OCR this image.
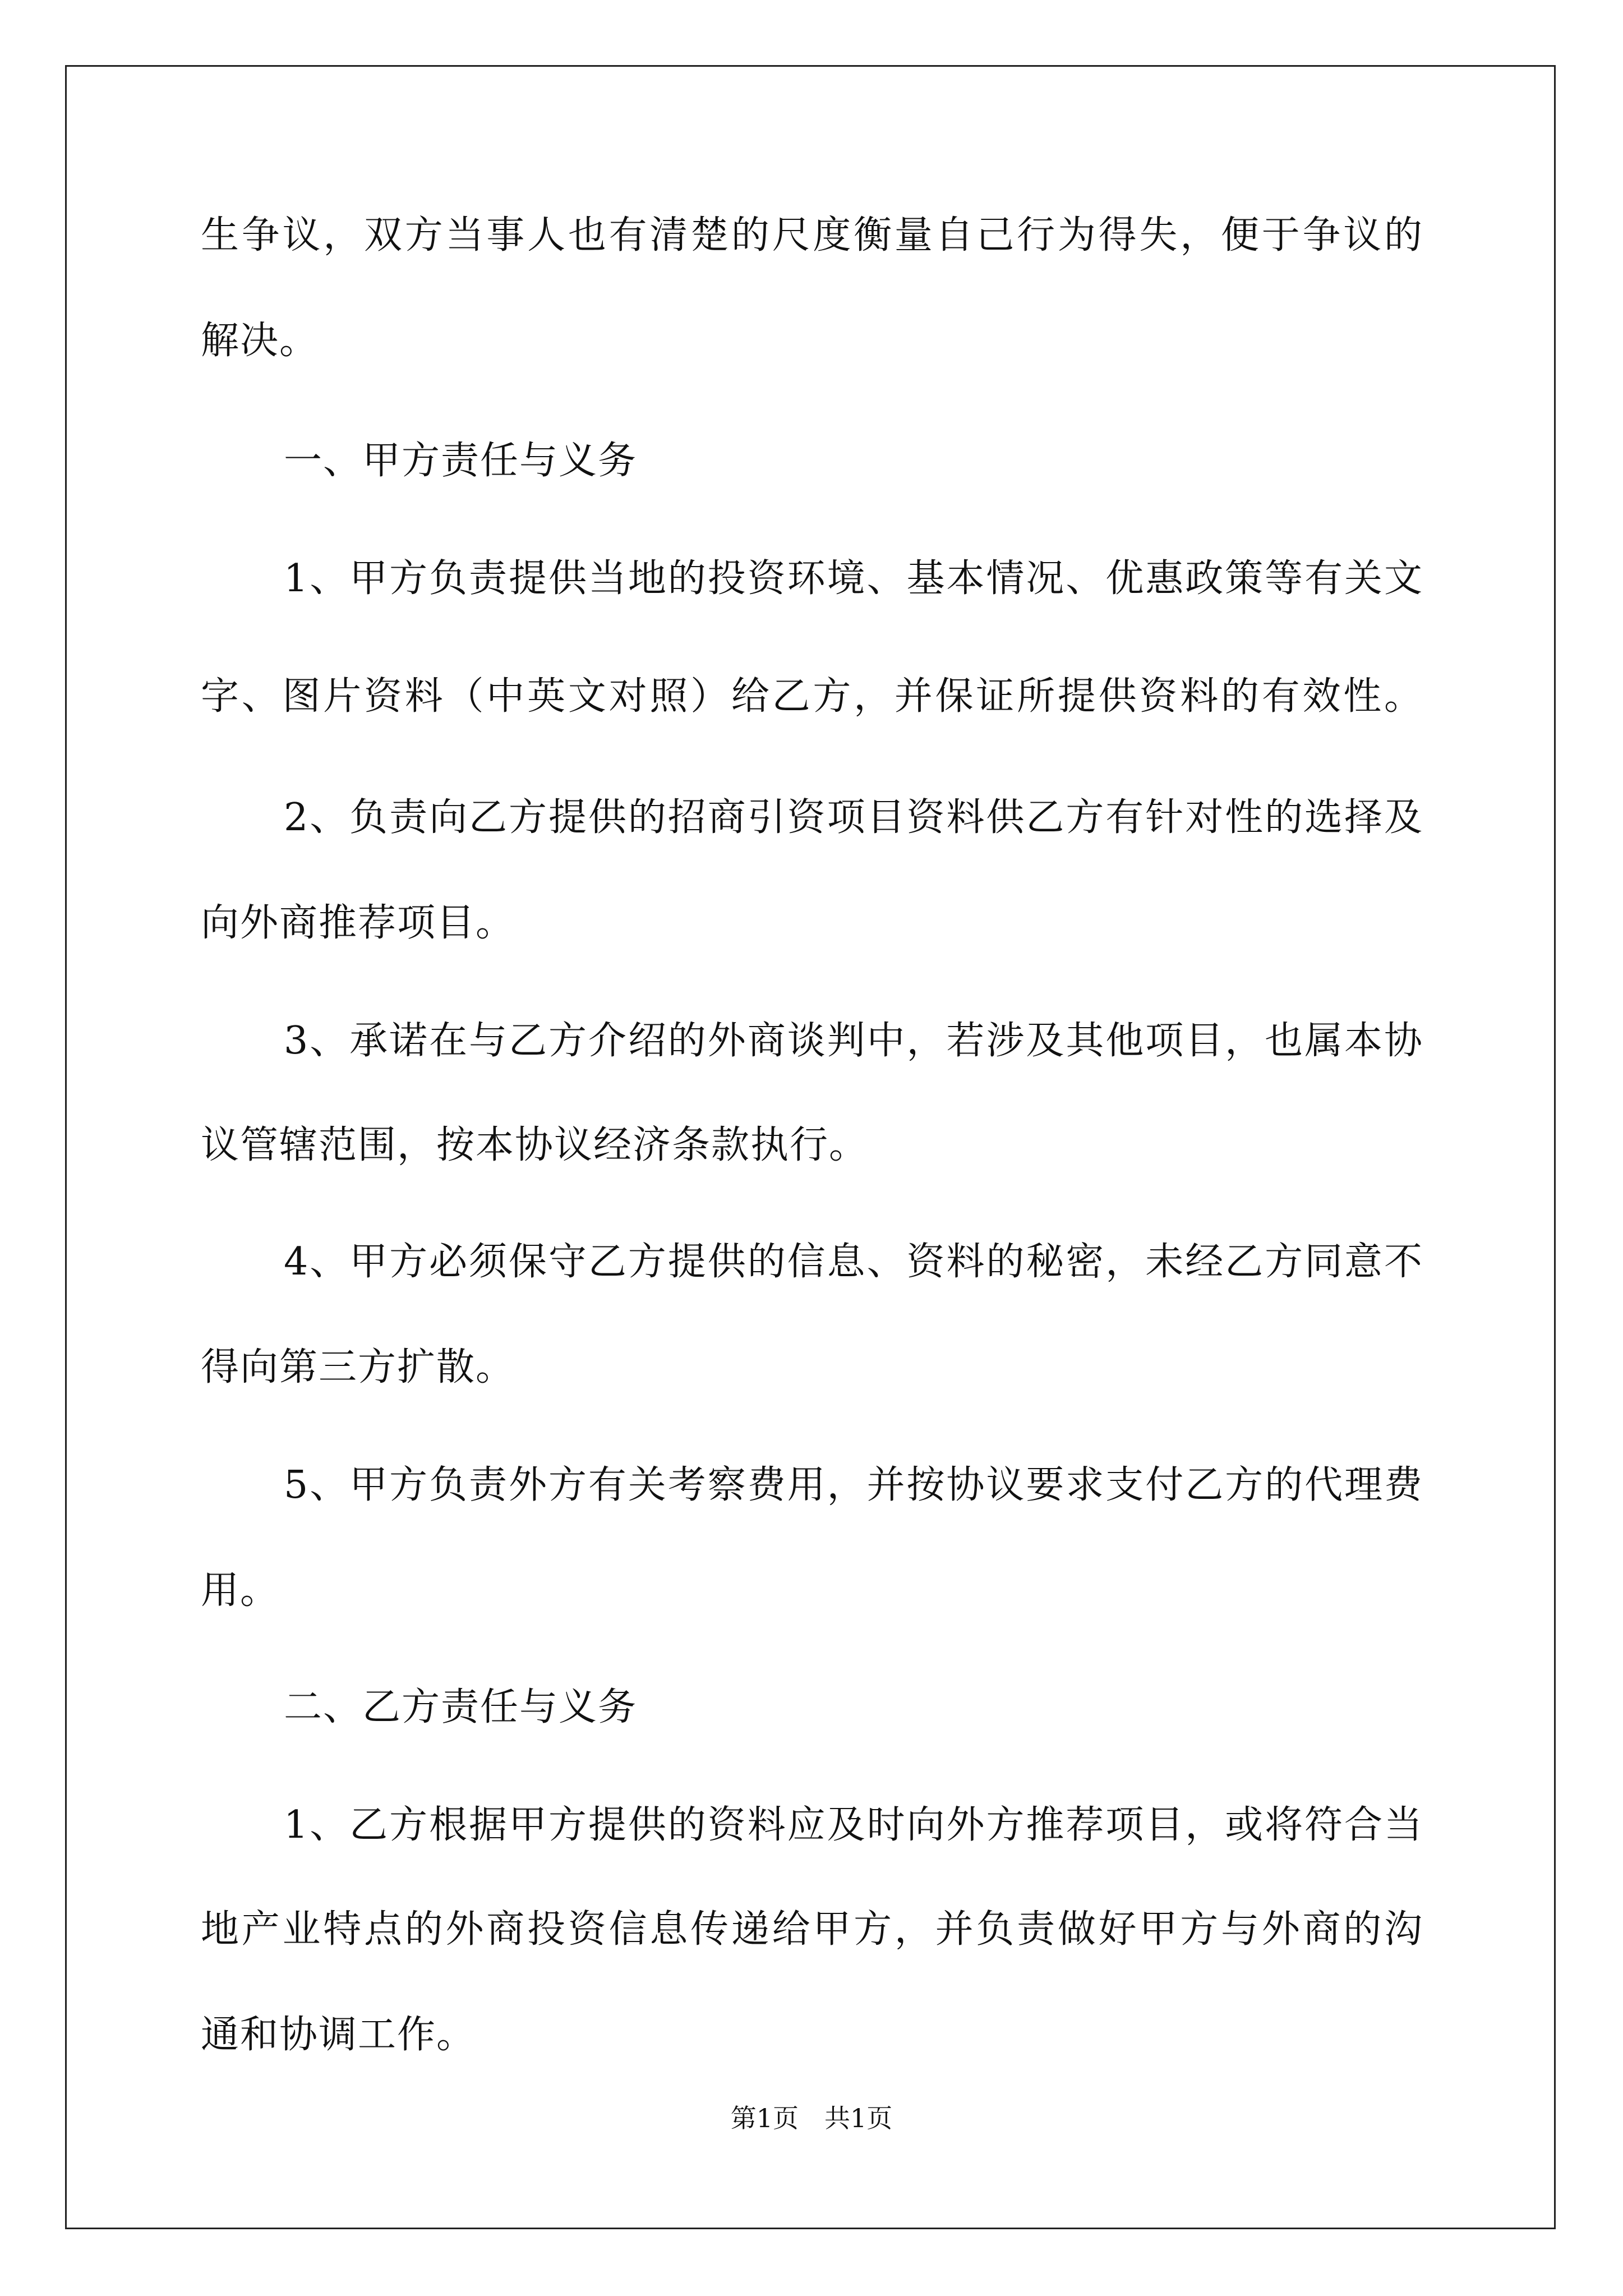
生争议，双方当事人也有清楚的尺度衡量自己行为得失，便于争议的
解决。
一、甲方责任与义务
1、甲方负责提供当地的投资环境、基本情况、优惠政策等有关文
字、图片资料（中英文对照）给乙方，并保证所提供资料的有效性。
2、负责向乙方提供的招商引资项目资料供乙方有针对性的选择及
向外商推荐项目。
3、承诺在与乙方介绍的外商谈判中，若涉及其他项目，也属本协
议管辖范围，按本协议经济条款执行。
4、甲方必须保守乙方提供的信息、资料的秘密，未经乙方同意不
得向第三方扩散。
5、甲方负责外方有关考察费用，并按协议要求支付乙方的代理费
用。
二、乙方责任与义务
1、乙方根据甲方提供的资料应及时向外方推荐项目，或将符合当
地产业特点的外商投资信息传递给甲方，并负责做好甲方与外商的沟
通和协调工作。
第1页　共1页
